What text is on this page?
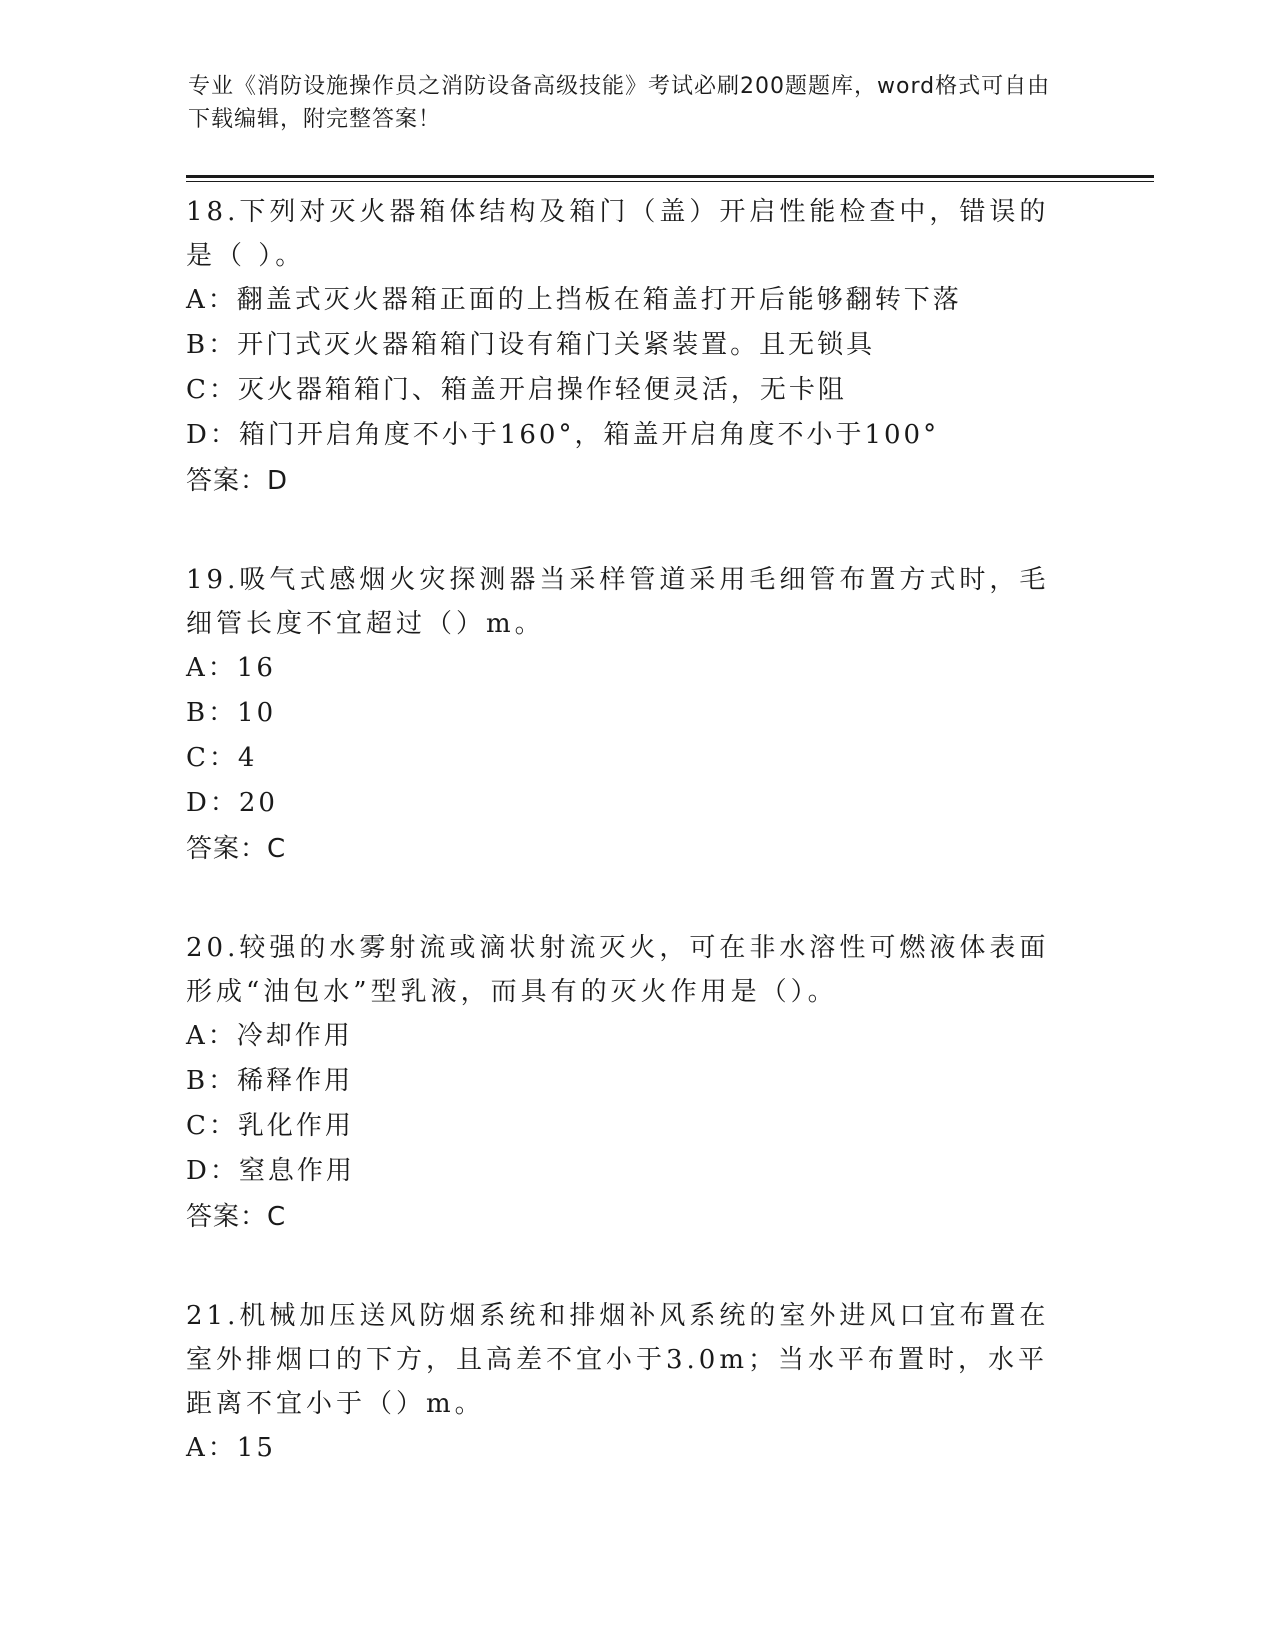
专业《消防设施操作员之消防设备高级技能》考试必刷200题题库，word格式可自由下载编辑，附完整答案！

18.下列对灭火器箱体结构及箱门（盖）开启性能检查中，错误的是（ ）。

A：翻盖式灭火器箱正面的上挡板在箱盖打开后能够翻转下落

B：开门式灭火器箱箱门设有箱门关紧装置。且无锁具

C：灭火器箱箱门、箱盖开启操作轻便灵活，无卡阻

D：箱门开启角度不小于160°，箱盖开启角度不小于100°

答案：D

19.吸气式感烟火灾探测器当采样管道采用毛细管布置方式时，毛细管长度不宜超过（）m。

A：16

B：10

C：4

D：20

答案：C

20.较强的水雾射流或滴状射流灭火，可在非水溶性可燃液体表面形成“油包水”型乳液，而具有的灭火作用是（）。

A：冷却作用

B：稀释作用

C：乳化作用

D：窒息作用

答案：C

21.机械加压送风防烟系统和排烟补风系统的室外进风口宜布置在室外排烟口的下方，且高差不宜小于3.0m；当水平布置时，水平距离不宜小于（）m。

A：15
